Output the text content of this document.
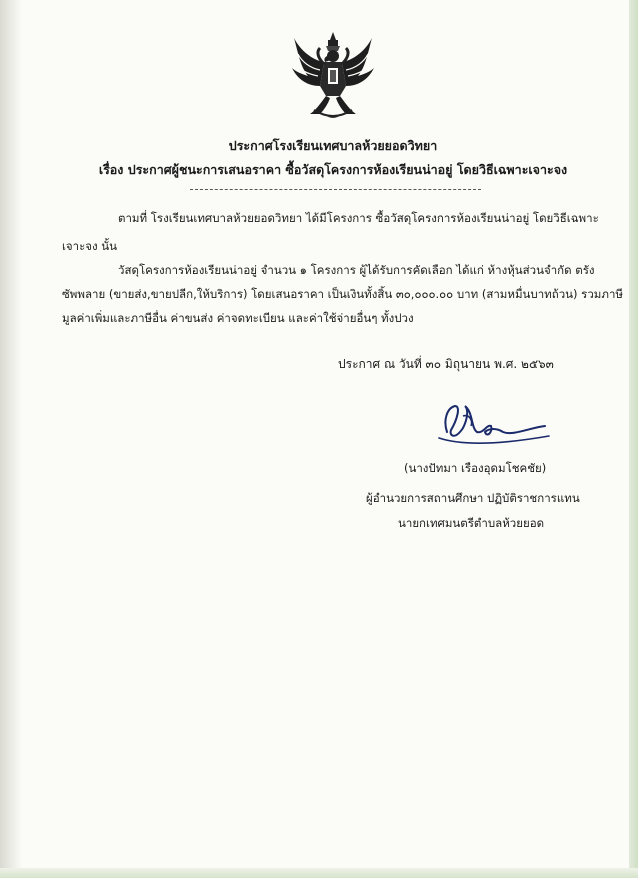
ประกาศโรงเรียนเทศบาลห้วยยอดวิทยา
เรื่อง ประกาศผู้ชนะการเสนอราคา ซื้อวัสดุโครงการห้องเรียนน่าอยู่ โดยวิธีเฉพาะเจาะจง
ตามที่ โรงเรียนเทศบาลห้วยยอดวิทยา ได้มีโครงการ ซื้อวัสดุโครงการห้องเรียนน่าอยู่ โดยวิธีเฉพาะ
เจาะจง นั้น
วัสดุโครงการห้องเรียนน่าอยู่ จำนวน ๑ โครงการ ผู้ได้รับการคัดเลือก ได้แก่ ห้างหุ้นส่วนจำกัด ตรัง
ซัพพลาย (ขายส่ง,ขายปลีก,ให้บริการ) โดยเสนอราคา เป็นเงินทั้งสิ้น ๓๐,๐๐๐.๐๐ บาท (สามหมื่นบาทถ้วน) รวมภาษี
มูลค่าเพิ่มและภาษีอื่น ค่าขนส่ง ค่าจดทะเบียน และค่าใช้จ่ายอื่นๆ ทั้งปวง
ประกาศ ณ วันที่ ๓๐ มิถุนายน พ.ศ. ๒๕๖๓
(นางปัทมา เรืองอุดมโชคชัย)
ผู้อำนวยการสถานศึกษา ปฏิบัติราชการแทน
นายกเทศมนตรีตำบลห้วยยอด
